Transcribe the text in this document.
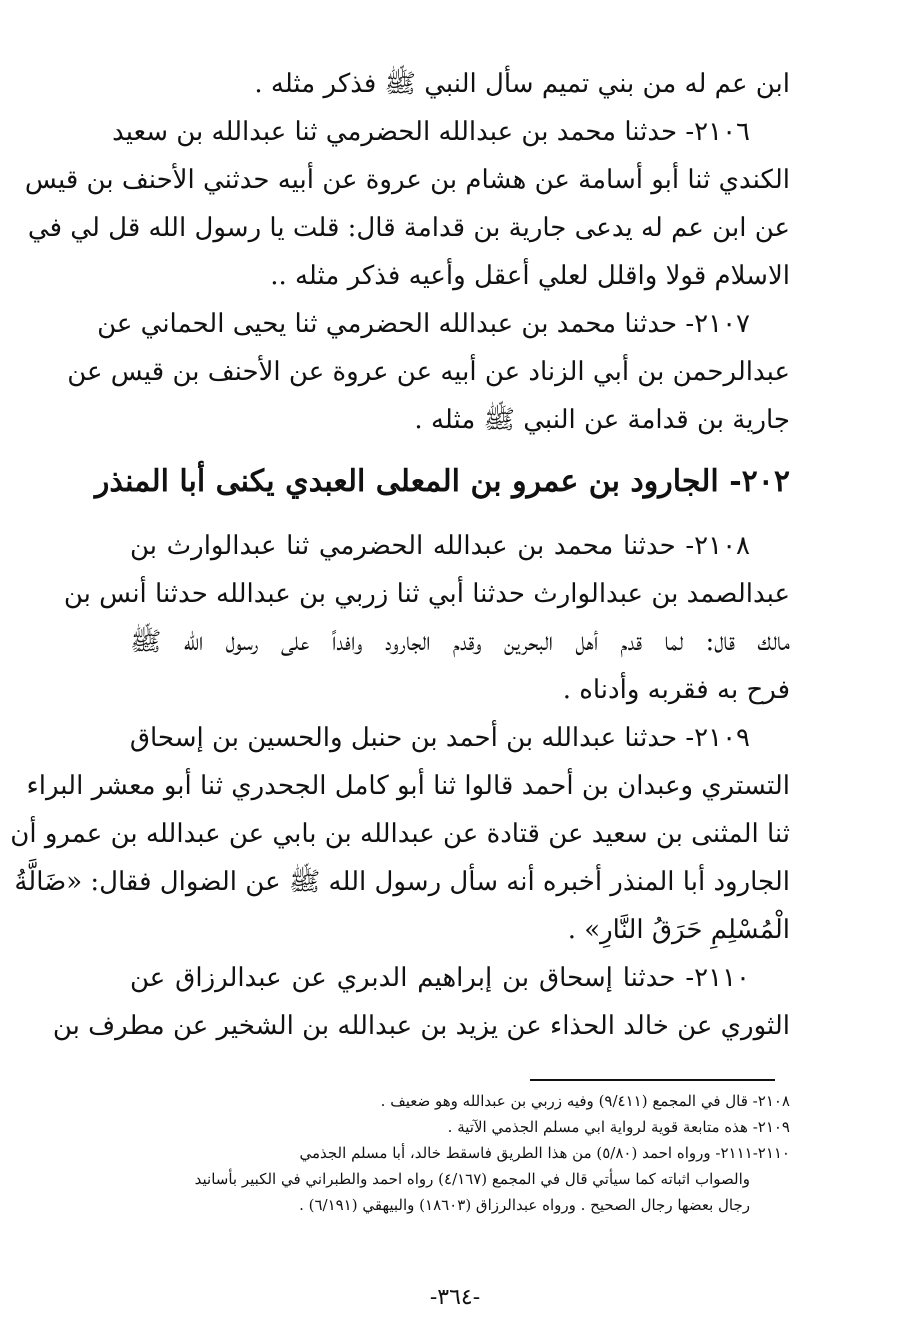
ابن عم له من بني تميم سأل النبي ﷺ فذكر مثله .
٢١٠٦- حدثنا محمد بن عبدالله الحضرمي ثنا عبدالله بن سعيد
الكندي ثنا أبو أسامة عن هشام بن عروة عن أبيه حدثني الأحنف بن قيس
عن ابن عم له يدعى جارية بن قدامة قال: قلت يا رسول الله قل لي في
الاسلام قولا واقلل لعلي أعقل وأعيه فذكر مثله ..
٢١٠٧- حدثنا محمد بن عبدالله الحضرمي ثنا يحيى الحماني عن
عبدالرحمن بن أبي الزناد عن أبيه عن عروة عن الأحنف بن قيس عن
جارية بن قدامة عن النبي ﷺ مثله .
٢٠٢- الجارود بن عمرو بن المعلى العبدي يكنى أبا المنذر
٢١٠٨- حدثنا محمد بن عبدالله الحضرمي ثنا عبدالوارث بن
عبدالصمد بن عبدالوارث حدثنا أبي ثنا زربي بن عبدالله حدثنا أنس بن
مالك قال: لما قدم أهل البحرين وقدم الجارود وافداً على رسول الله ﷺ
فرح به فقربه وأدناه .
٢١٠٩- حدثنا عبدالله بن أحمد بن حنبل والحسين بن إسحاق
التستري وعبدان بن أحمد قالوا ثنا أبو كامل الجحدري ثنا أبو معشر البراء
ثنا المثنى بن سعيد عن قتادة عن عبدالله بن بابي عن عبدالله بن عمرو أن
الجارود أبا المنذر أخبره أنه سأل رسول الله ﷺ عن الضوال فقال: «ضَالَّةُ
الْمُسْلِمِ حَرَقُ النَّارِ» .
٢١١٠- حدثنا إسحاق بن إبراهيم الدبري عن عبدالرزاق عن
الثوري عن خالد الحذاء عن يزيد بن عبدالله بن الشخير عن مطرف بن
٢١٠٨- قال في المجمع (٩/٤١١) وفيه زربي بن عبدالله وهو ضعيف .
٢١٠٩- هذه متابعة قوية لرواية ابي مسلم الجذمي الآتية .
٢١١٠-٢١١١- ورواه احمد (٥/٨٠) من هذا الطريق فاسقط خالد، أبا مسلم الجذمي
والصواب اثباته كما سيأتي قال في المجمع (٤/١٦٧) رواه احمد والطبراني في الكبير بأسانيد
رجال بعضها رجال الصحيح . ورواه عبدالرزاق (١٨٦٠٣) والبيهقي (٦/١٩١) .
-٣٦٤-
